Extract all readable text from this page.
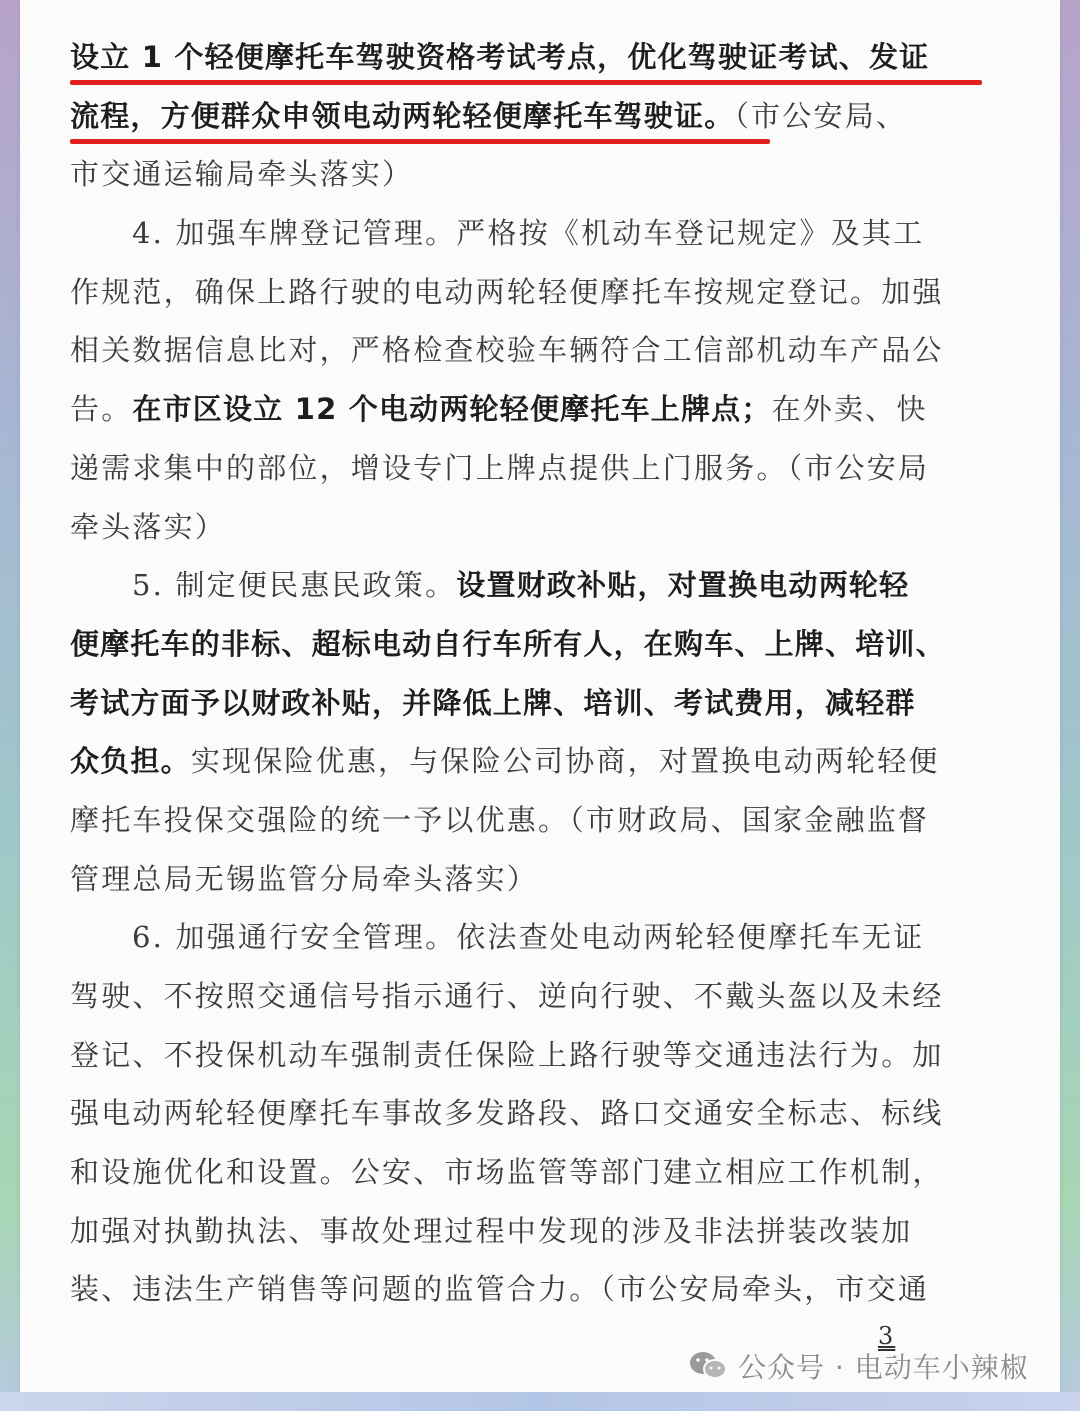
设立 1 个轻便摩托车驾驶资格考试考点，优化驾驶证考试、发证
流程，方便群众申领电动两轮轻便摩托车驾驶证。（市公安局、
市交通运输局牵头落实）
4. 加强车牌登记管理。严格按《机动车登记规定》及其工
作规范，确保上路行驶的电动两轮轻便摩托车按规定登记。加强
相关数据信息比对，严格检查校验车辆符合工信部机动车产品公
告。在市区设立 12 个电动两轮轻便摩托车上牌点；在外卖、快
递需求集中的部位，增设专门上牌点提供上门服务。（市公安局
牵头落实）
5. 制定便民惠民政策。设置财政补贴，对置换电动两轮轻
便摩托车的非标、超标电动自行车所有人，在购车、上牌、培训、
考试方面予以财政补贴，并降低上牌、培训、考试费用，减轻群
众负担。实现保险优惠，与保险公司协商，对置换电动两轮轻便
摩托车投保交强险的统一予以优惠。（市财政局、国家金融监督
管理总局无锡监管分局牵头落实）
6. 加强通行安全管理。依法查处电动两轮轻便摩托车无证
驾驶、不按照交通信号指示通行、逆向行驶、不戴头盔以及未经
登记、不投保机动车强制责任保险上路行驶等交通违法行为。加
强电动两轮轻便摩托车事故多发路段、路口交通安全标志、标线
和设施优化和设置。公安、市场监管等部门建立相应工作机制，
加强对执勤执法、事故处理过程中发现的涉及非法拼装改装加
装、违法生产销售等问题的监管合力。（市公安局牵头，市交通
3
公众号 · 电动车小辣椒
